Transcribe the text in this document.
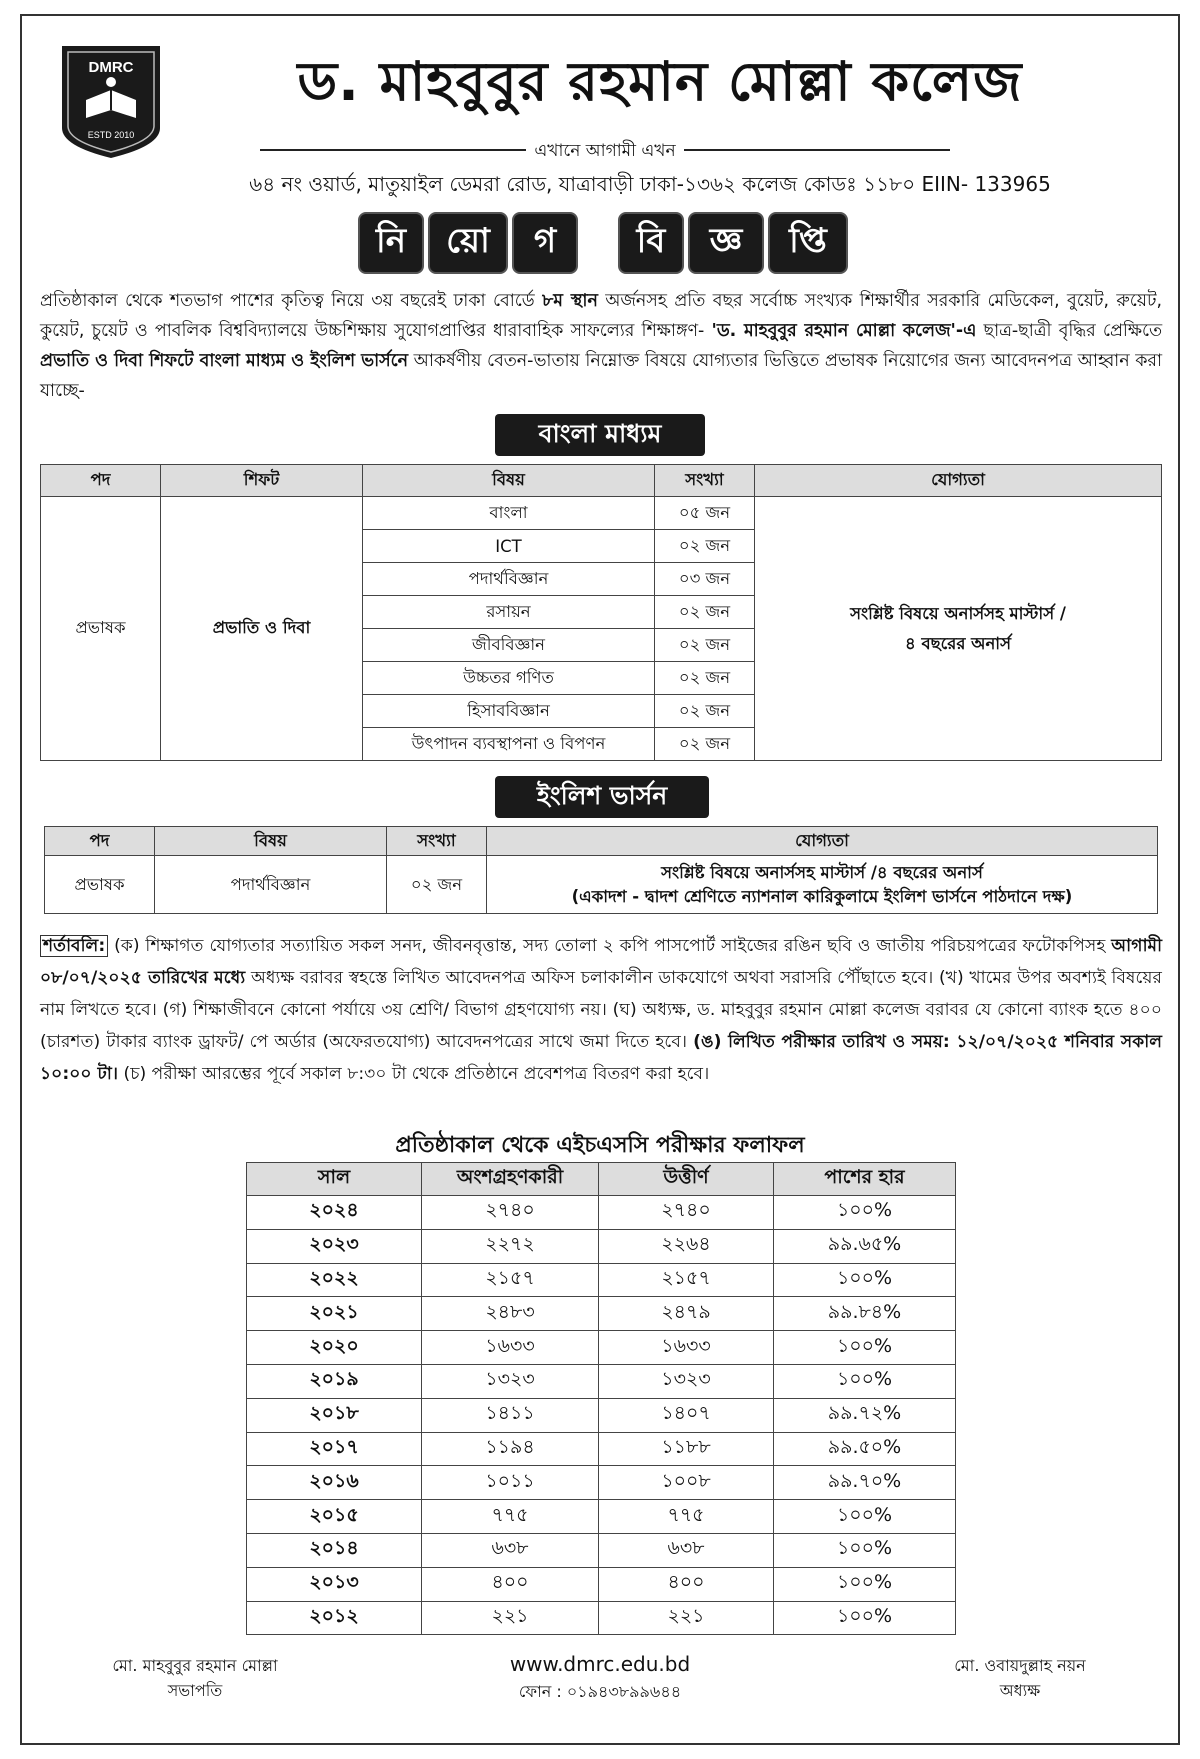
DMRC
ESTD 2010
ড. মাহবুবুর রহমান মোল্লা কলেজ
এখানে আগামী এখন
৬৪ নং ওয়ার্ড, মাতুয়াইল ডেমরা রোড, যাত্রাবাড়ী ঢাকা-১৩৬২ কলেজ কোডঃ ১১৮০ EIIN- 133965
নি	য়ো	গ	বি	জ্ঞ	প্তি
প্রতিষ্ঠাকাল থেকে শতভাগ পাশের কৃতিত্ব নিয়ে ৩য় বছরেই ঢাকা বোর্ডে ৮ম স্থান অর্জনসহ প্রতি বছর সর্বোচ্চ সংখ্যক শিক্ষার্থীর সরকারি মেডিকেল, বুয়েট, রুয়েট, কুয়েট, চুয়েট ও পাবলিক বিশ্ববিদ্যালয়ে উচ্চশিক্ষায় সুযোগপ্রাপ্তির ধারাবাহিক সাফল্যের শিক্ষাঙ্গণ- 'ড. মাহবুবুর রহমান মোল্লা কলেজ'-এ ছাত্র-ছাত্রী বৃদ্ধির প্রেক্ষিতে প্রভাতি ও দিবা শিফটে বাংলা মাধ্যম ও ইংলিশ ভার্সনে আকর্ষণীয় বেতন-ভাতায় নিম্নোক্ত বিষয়ে যোগ্যতার ভিত্তিতে প্রভাষক নিয়োগের জন্য আবেদনপত্র আহ্বান করা যাচ্ছে-
বাংলা মাধ্যম
পদ	শিফট	বিষয়	সংখ্যা	যোগ্যতা
প্রভাষক	প্রভাতি ও দিবা	বাংলা	০৫ জন	সংশ্লিষ্ট বিষয়ে অনার্সসহ মাস্টার্স /
৪ বছরের অনার্স

		ICT	০২ জন	
		পদার্থবিজ্ঞান	০৩ জন	
		রসায়ন	০২ জন	
		জীববিজ্ঞান	০২ জন	
		উচ্চতর গণিত	০২ জন	
		হিসাববিজ্ঞান	০২ জন	
		উৎপাদন ব্যবস্থাপনা ও বিপণন	০২ জন	
ইংলিশ ভার্সন
পদ	বিষয়	সংখ্যা	যোগ্যতা
প্রভাষক	পদার্থবিজ্ঞান	০২ জন	সংশ্লিষ্ট বিষয়ে অনার্সসহ মাস্টার্স /৪ বছরের অনার্স
(একাদশ - দ্বাদশ শ্রেণিতে ন্যাশনাল কারিকুলামে ইংলিশ ভার্সনে পাঠদানে দক্ষ)
শর্তাবলি: (ক) শিক্ষাগত যোগ্যতার সত্যায়িত সকল সনদ, জীবনবৃত্তান্ত, সদ্য তোলা ২ কপি পাসপোর্ট সাইজের রঙিন ছবি ও জাতীয় পরিচয়পত্রের ফটোকপিসহ আগামী ০৮/০৭/২০২৫ তারিখের মধ্যে অধ্যক্ষ বরাবর স্বহস্তে লিখিত আবেদনপত্র অফিস চলাকালীন ডাকযোগে অথবা সরাসরি পৌঁছাতে হবে। (খ) খামের উপর অবশ্যই বিষয়ের নাম লিখতে হবে। (গ) শিক্ষাজীবনে কোনো পর্যায়ে ৩য় শ্রেণি/ বিভাগ গ্রহণযোগ্য নয়। (ঘ) অধ্যক্ষ, ড. মাহবুবুর রহমান মোল্লা কলেজ বরাবর যে কোনো ব্যাংক হতে ৪০০ (চারশত) টাকার ব্যাংক ড্রাফট/ পে অর্ডার (অফেরতযোগ্য) আবেদনপত্রের সাথে জমা দিতে হবে। (ঙ) লিখিত পরীক্ষার তারিখ ও সময়: ১২/০৭/২০২৫ শনিবার সকাল ১০:০০ টা। (চ) পরীক্ষা আরম্ভের পূর্বে সকাল ৮:৩০ টা থেকে প্রতিষ্ঠানে প্রবেশপত্র বিতরণ করা হবে।
প্রতিষ্ঠাকাল থেকে এইচএসসি পরীক্ষার ফলাফল
সাল	অংশগ্রহণকারী	উত্তীর্ণ	পাশের হার
২০২৪	২৭৪০	২৭৪০	১০০%
২০২৩	২২৭২	২২৬৪	৯৯.৬৫%
২০২২	২১৫৭	২১৫৭	১০০%
২০২১	২৪৮৩	২৪৭৯	৯৯.৮৪%
২০২০	১৬৩৩	১৬৩৩	১০০%
২০১৯	১৩২৩	১৩২৩	১০০%
২০১৮	১৪১১	১৪০৭	৯৯.৭২%
২০১৭	১১৯৪	১১৮৮	৯৯.৫০%
২০১৬	১০১১	১০০৮	৯৯.৭০%
২০১৫	৭৭৫	৭৭৫	১০০%
২০১৪	৬৩৮	৬৩৮	১০০%
২০১৩	৪০০	৪০০	১০০%
২০১২	২২১	২২১	১০০%
মো. মাহবুবুর রহমান মোল্লা
সভাপতি
www.dmrc.edu.bd
ফোন : ০১৯৪৩৮৯৯৬৪৪
মো. ওবায়দুল্লাহ নয়ন
অধ্যক্ষ
